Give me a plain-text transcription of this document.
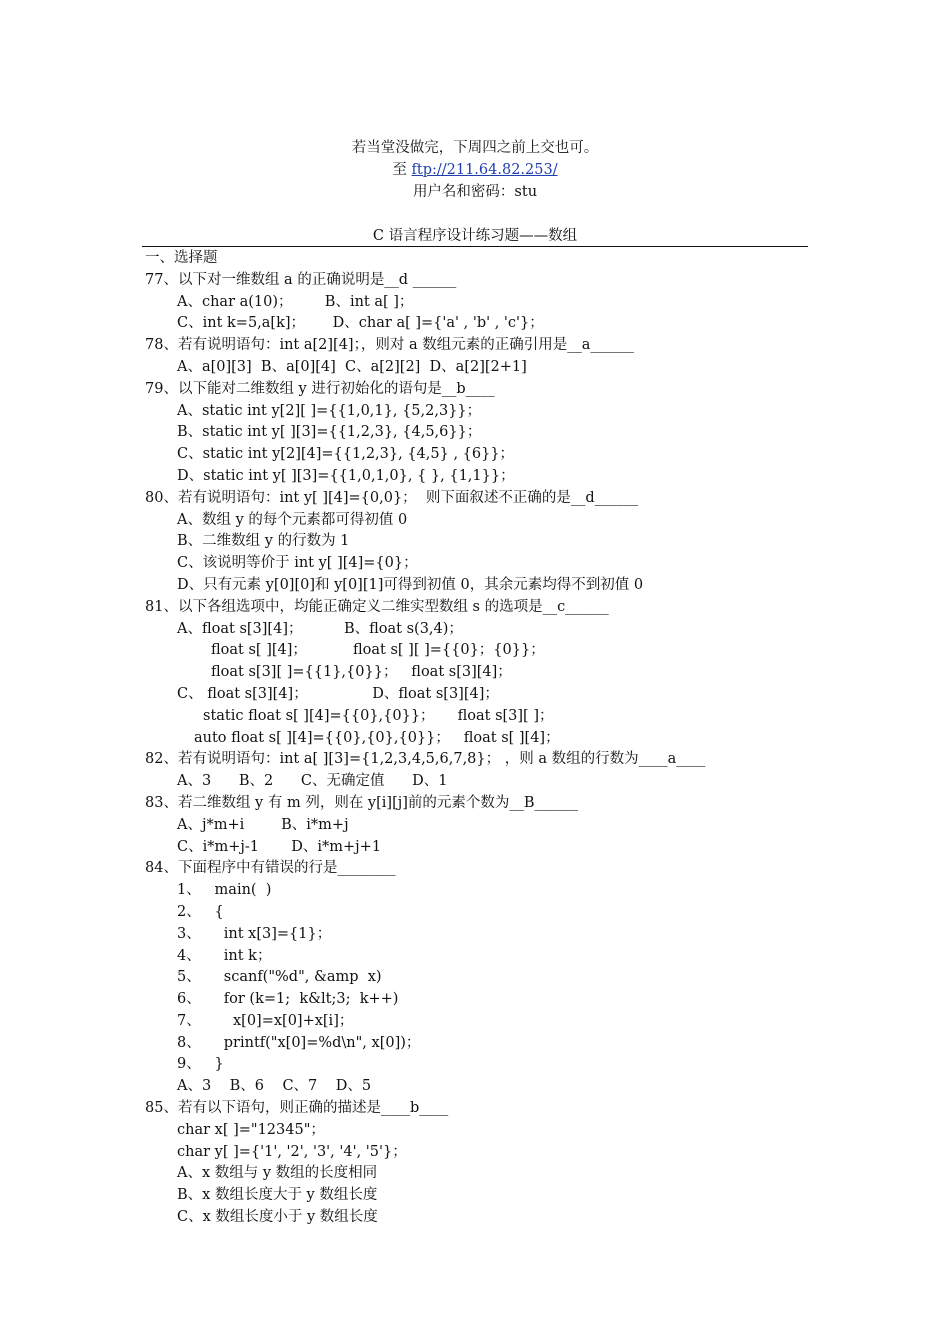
若当堂没做完，下周四之前上交也可。
至 ftp://211.64.82.253/
用户名和密码：stu
C 语言程序设计练习题——数组
一、选择题
77、以下对一维数组 a 的正确说明是__d ______
A、char a(10)；       B、int a[ ]；
C、int k=5,a[k]；      D、char a[ ]={'a' , 'b' , 'c'}；
78、若有说明语句：int a[2][4]；，则对 a 数组元素的正确引用是__a______
A、a[0][3]  B、a[0][4]  C、a[2][2]  D、a[2][2+1]
79、以下能对二维数组 y 进行初始化的语句是__b____
A、static int y[2][ ]={{1,0,1}, {5,2,3}}；
B、static int y[ ][3]={{1,2,3}, {4,5,6}}；
C、static int y[2][4]={{1,2,3}, {4,5} , {6}}；
D、static int y[ ][3]={{1,0,1,0}, { }, {1,1}}；
80、若有说明语句：int y[ ][4]={0,0}；  则下面叙述不正确的是__d______
A、数组 y 的每个元素都可得初值 0
B、二维数组 y 的行数为 1
C、该说明等价于 int y[ ][4]={0}；
D、只有元素 y[0][0]和 y[0][1]可得到初值 0，其余元素均得不到初值 0
81、以下各组选项中，均能正确定义二维实型数组 s 的选项是__c______
A、float s[3][4]；         B、float s(3,4)；
float s[ ][4]；          float s[ ][ ]={{0}；{0}}；
float s[3][ ]={{1},{0}}；   float s[3][4]；
C、 float s[3][4]；              D、float s[3][4]；
static float s[ ][4]={{0},{0}}；     float s[3][ ]；
auto float s[ ][4]={{0},{0},{0}}；   float s[ ][4]；
82、若有说明语句：int a[ ][3]={1,2,3,4,5,6,7,8}； ，则 a 数组的行数为____a____
A、3      B、2      C、无确定值      D、1
83、若二维数组 y 有 m 列，则在 y[i][j]前的元素个数为__B______
A、j*m+i        B、i*m+j
C、i*m+j-1       D、i*m+j+1
84、下面程序中有错误的行是________
1、   main(  )
2、   {
3、     int x[3]={1}；
4、     int k；
5、     scanf("%d", &amp  x)
6、     for (k=1;  k&lt;3;  k++)
7、       x[0]=x[0]+x[i]；
8、     printf("x[0]=%d\n", x[0])；
9、   }
A、3    B、6    C、7    D、5
85、若有以下语句，则正确的描述是____b____
char x[ ]="12345"；
char y[ ]={'1', '2', '3', '4', '5'}；
A、x 数组与 y 数组的长度相同
B、x 数组长度大于 y 数组长度
C、x 数组长度小于 y 数组长度
